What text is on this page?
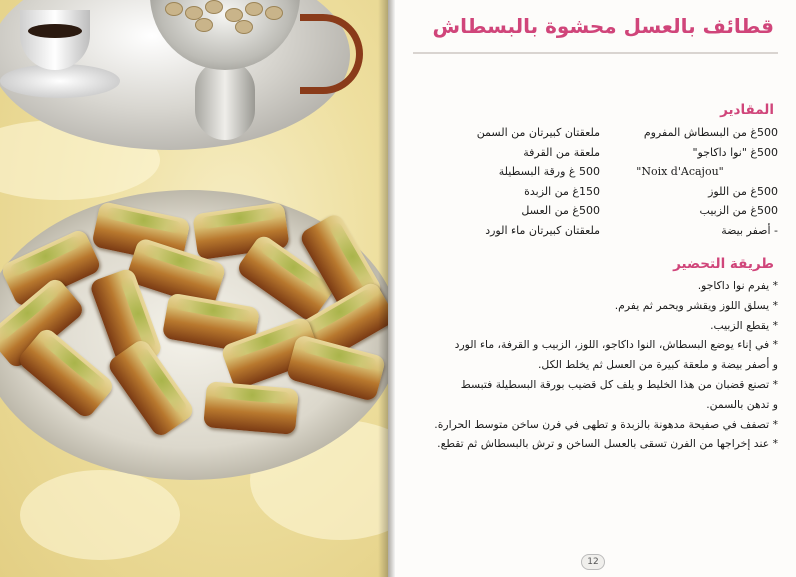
قطائف بالعسل محشوة بالبسطاش
المقادير
500غ من البسطاش المفروم
500غ "نوا داكاجو"
"Noix d'Acajou"
500غ من اللوز
500غ من الزبيب
- أصفر بيضة
ملعقتان كبيرتان من السمن
ملعقة من القرفة
500 غ ورقة البسطيلة
150غ من الزبدة
500غ من العسل
ملعقتان كبيرتان ماء الورد
طريقة التحضير
* يفرم نوا داكاجو.
* يسلق اللوز ويقشر ويحمر ثم يفرم.
* يقطع الزبيب.
* في إناء يوضع البسطاش، النوا داكاجو، اللوز، الزبيب و القرفة، ماء الورد
و أصفر بيضة و ملعقة كبيرة من العسل ثم يخلط الكل.
* تصنع قضبان من هذا الخليط و يلف كل قضيب بورقة البسطيلة فتبسط
و تدهن بالسمن.
* تصفف في صفيحة مدهونة بالزبدة و تطهى في فرن ساخن متوسط الحرارة.
* عند إخراجها من الفرن تسقى بالعسل الساخن و ترش بالبسطاش ثم تقطع.
12
